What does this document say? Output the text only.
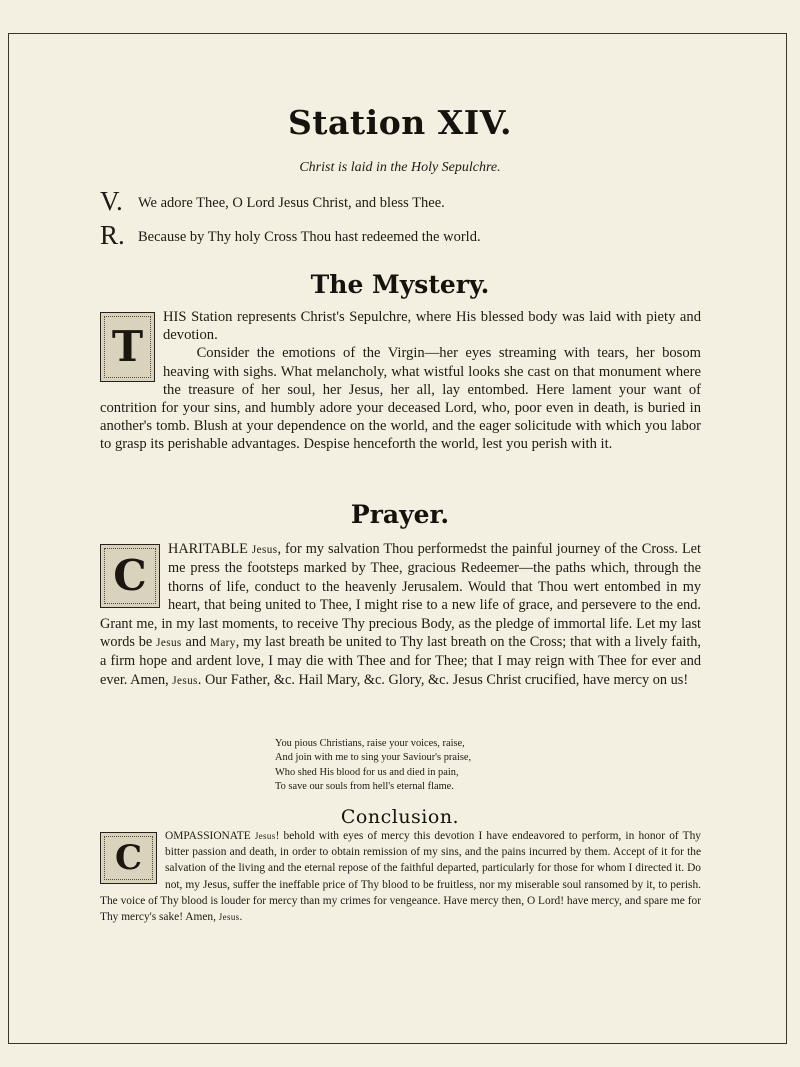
Station XIV.
Christ is laid in the Holy Sepulchre.
V. We adore Thee, O Lord Jesus Christ, and bless Thee.
R. Because by Thy holy Cross Thou hast redeemed the world.
The Mystery.
T
HIS Station represents Christ's Sepulchre, where His blessed body was laid with piety and devotion.
Consider the emotions of the Virgin—her eyes streaming with tears, her bosom heaving with sighs. What melancholy, what wistful looks she cast on that monument where the treasure of her soul, her Jesus, her all, lay entombed. Here lament your want of contrition for your sins, and humbly adore your deceased Lord, who, poor even in death, is buried in another's tomb. Blush at your dependence on the world, and the eager solicitude with which you labor to grasp its perishable advantages. Despise henceforth the world, lest you perish with it.
Prayer.
C
HARITABLE Jesus, for my salvation Thou performedst the painful journey of the Cross. Let me press the footsteps marked by Thee, gracious Redeemer—the paths which, through the thorns of life, conduct to the heavenly Jerusalem. Would that Thou wert entombed in my heart, that being united to Thee, I might rise to a new life of grace, and persevere to the end. Grant me, in my last moments, to receive Thy precious Body, as the pledge of immortal life. Let my last words be Jesus and Mary, my last breath be united to Thy last breath on the Cross; that with a lively faith, a firm hope and ardent love, I may die with Thee and for Thee; that I may reign with Thee for ever and ever. Amen, Jesus. Our Father, &c. Hail Mary, &c. Glory, &c. Jesus Christ crucified, have mercy on us!
You pious Christians, raise your voices, raise,
And join with me to sing your Saviour's praise,
Who shed His blood for us and died in pain,
To save our souls from hell's eternal flame.
Conclusion.
C
OMPASSIONATE Jesus! behold with eyes of mercy this devotion I have endeavored to perform, in honor of Thy bitter passion and death, in order to obtain remission of my sins, and the pains incurred by them. Accept of it for the salvation of the living and the eternal repose of the faithful departed, particularly for those for whom I directed it. Do not, my Jesus, suffer the ineffable price of Thy blood to be fruitless, nor my miserable soul ransomed by it, to perish. The voice of Thy blood is louder for mercy than my crimes for vengeance. Have mercy then, O Lord! have mercy, and spare me for Thy mercy's sake! Amen, Jesus.
